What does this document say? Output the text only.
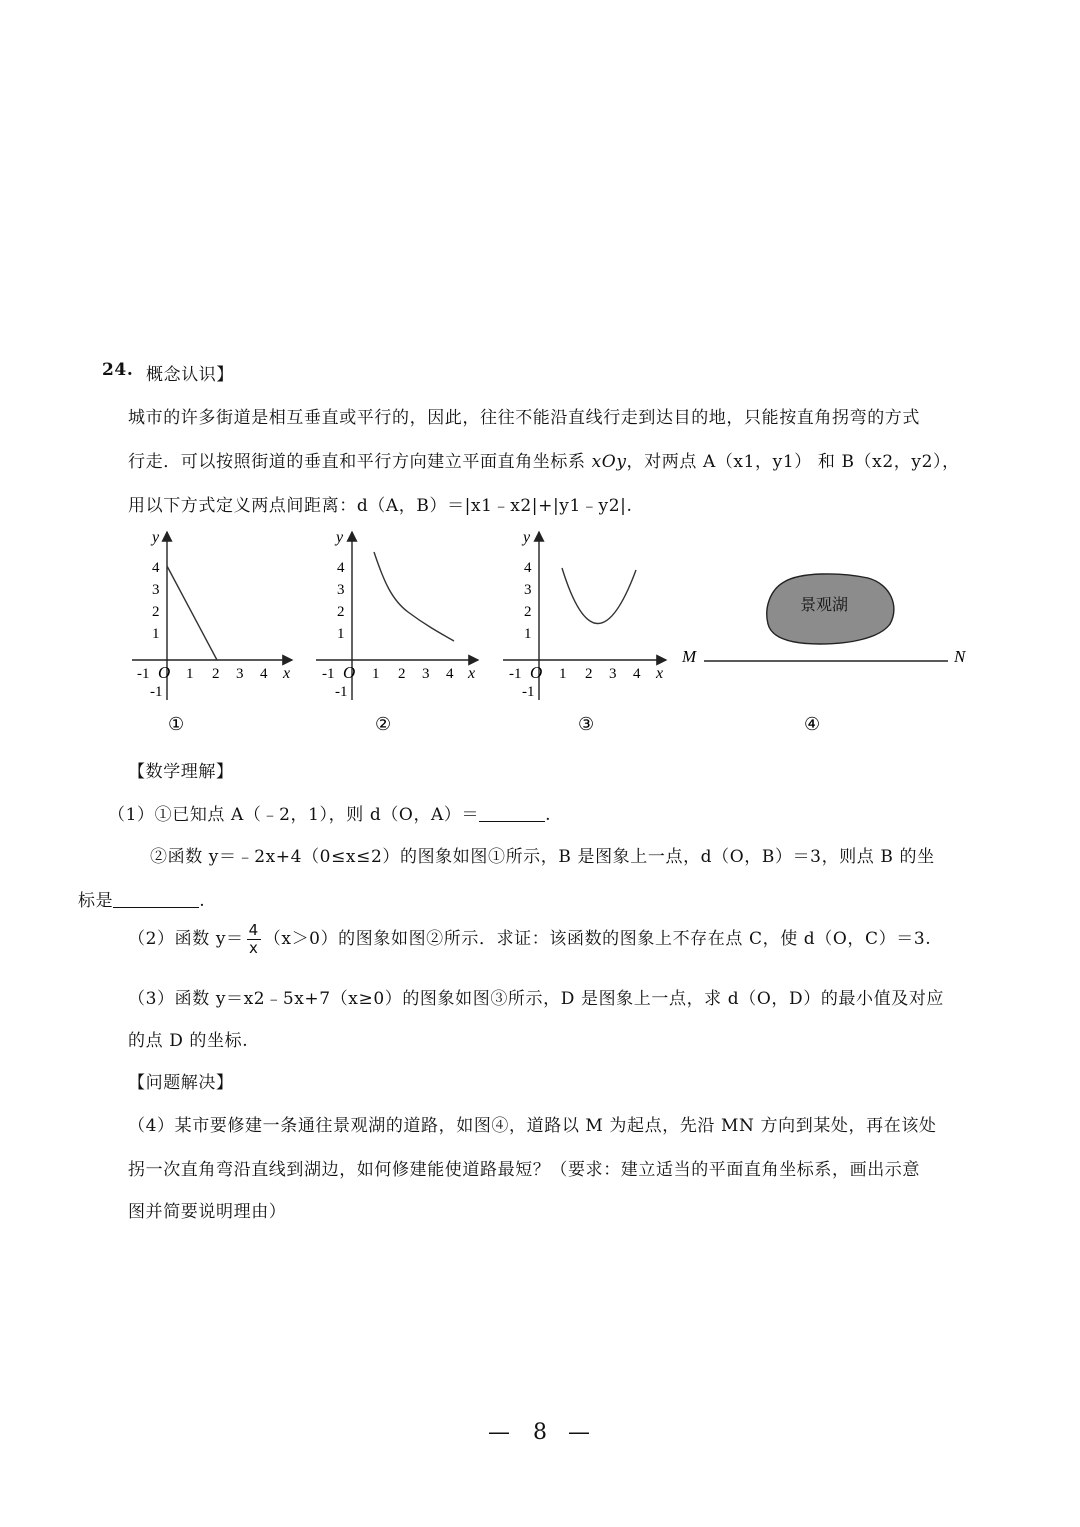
24. 概念认识】
城市的许多街道是相互垂直或平行的，因此，往往不能沿直线行走到达目的地，只能按直角拐弯的方式
行走．可以按照街道的垂直和平行方向建立平面直角坐标系 xOy，对两点 A（x1，y1） 和 B（x2，y2），
用以下方式定义两点间距离：d（A，B）＝|x1﹣x2|+|y1﹣y2|.
y
x
O
-1
-1
1 2 3 4
1
2
3
4
①
y
x
O
-1
-1
1 2 3 4
1
2
3
4
②
y
x
O
-1
-1
1 2 3 4
1
2
3
4
③
景观湖
M	N
④
【数学理解】
（1）①已知点 A（﹣2，1），则 d（O，A）＝	.
②函数 y＝﹣2x+4（0≤x≤2）的图象如图①所示，B 是图象上一点，d（O，B）＝3，则点 B 的坐
标是	.
（2）函数 $y= \frac{4}{x} (x>0)$的图象如图②所示．求证：该函数的图象上不存在点 C，使 d（O，C）＝3.
（3）函数 y＝x2﹣5x+7（x≥0）的图象如图③所示，D 是图象上一点，求 d（O，D）的最小值及对应
的点 D 的坐标.
【问题解决】
（4）某市要修建一条通往景观湖的道路，如图④，道路以 M 为起点，先沿 MN 方向到某处，再在该处
拐一次直角弯沿直线到湖边，如何修建能使道路最短？（要求：建立适当的平面直角坐标系，画出示意
图并简要说明理由）
— 8 —
